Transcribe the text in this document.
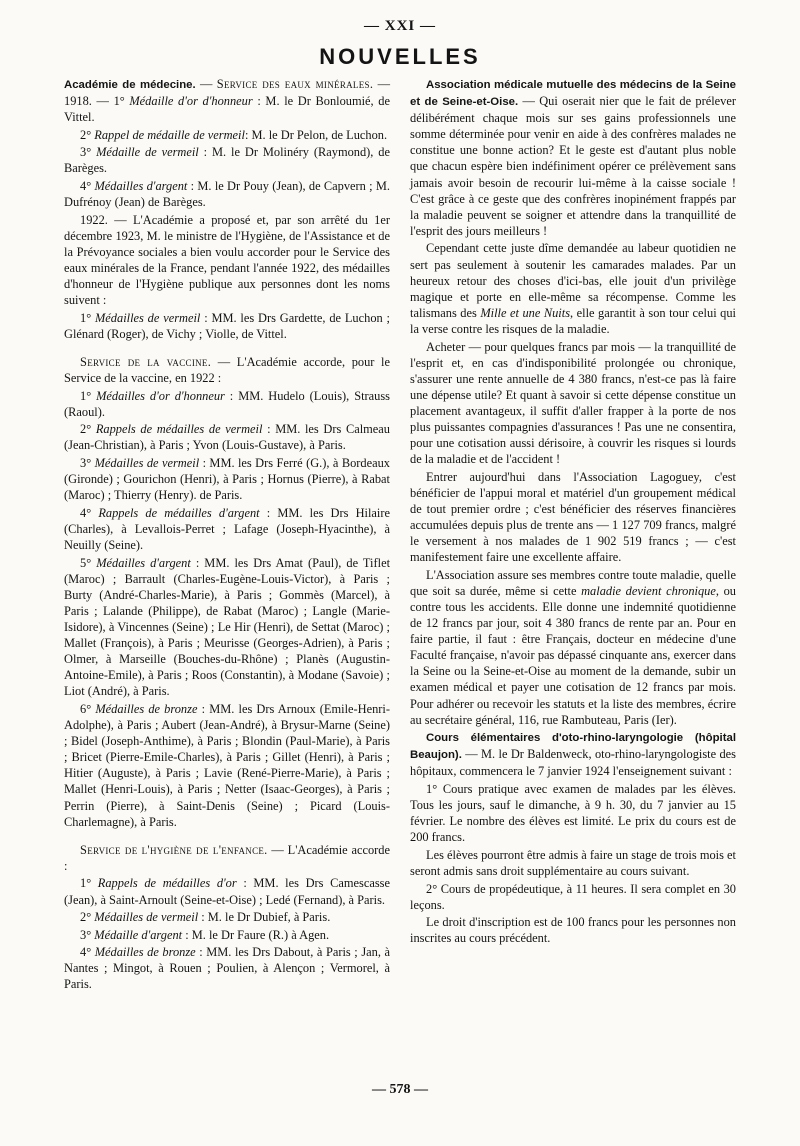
— XXI —
NOUVELLES

Académie de médecine. — Service des eaux minérales. — 1918. — 1° Médaille d'or d'honneur : M. le Dr Bonloumié, de Vittel.

2° Rappel de médaille de vermeil: M. le Dr Pelon, de Luchon.

3° Médaille de vermeil : M. le Dr Molinéry (Raymond), de Barèges.

4° Médailles d'argent : M. le Dr Pouy (Jean), de Capvern ; M. Dufrénoy (Jean) de Barèges.

1922. — L'Académie a proposé et, par son arrêté du 1er décembre 1923, M. le ministre de l'Hygiène, de l'Assistance et de la Prévoyance sociales a bien voulu accorder pour le Service des eaux minérales de la France, pendant l'année 1922, des médailles d'honneur de l'Hygiène publique aux personnes dont les noms suivent :

1° Médailles de vermeil : MM. les Drs Gardette, de Luchon ; Glénard (Roger), de Vichy ; Violle, de Vittel.

Service de la vaccine. — L'Académie accorde, pour le Service de la vaccine, en 1922 :

1° Médailles d'or d'honneur : MM. Hudelo (Louis), Strauss (Raoul).

2° Rappels de médailles de vermeil : MM. les Drs Calmeau (Jean-Christian), à Paris ; Yvon (Louis-Gustave), à Paris.

3° Médailles de vermeil : MM. les Drs Ferré (G.), à Bordeaux (Gironde) ; Gourichon (Henri), à Paris ; Hornus (Pierre), à Rabat (Maroc) ; Thierry (Henry). de Paris.

4° Rappels de médailles d'argent : MM. les Drs Hilaire (Charles), à Levallois-Perret ; Lafage (Joseph-Hyacinthe), à Neuilly (Seine).

5° Médailles d'argent : MM. les Drs Amat (Paul), de Tiflet (Maroc) ; Barrault (Charles-Eugène-Louis-Victor), à Paris ; Burty (André-Charles-Marie), à Paris ; Gommès (Marcel), à Paris ; Lalande (Philippe), de Rabat (Maroc) ; Langle (Marie-Isidore), à Vincennes (Seine) ; Le Hir (Henri), de Settat (Maroc) ; Mallet (François), à Paris ; Meurisse (Georges-Adrien), à Paris ; Olmer, à Marseille (Bouches-du-Rhône) ; Planès (Augustin-Antoine-Emile), à Paris ; Roos (Constantin), à Modane (Savoie) ; Liot (André), à Paris.

6° Médailles de bronze : MM. les Drs Arnoux (Emile-Henri-Adolphe), à Paris ; Aubert (Jean-André), à Brysur-Marne (Seine) ; Bidel (Joseph-Anthime), à Paris ; Blondin (Paul-Marie), à Paris ; Bricet (Pierre-Emile-Charles), à Paris ; Gillet (Henri), à Paris ; Hitier (Auguste), à Paris ; Lavie (René-Pierre-Marie), à Paris ; Mallet (Henri-Louis), à Paris ; Netter (Isaac-Georges), à Paris ; Perrin (Pierre), à Saint-Denis (Seine) ; Picard (Louis-Charlemagne), à Paris.

Service de l'hygiène de l'enfance. — L'Académie accorde :

1° Rappels de médailles d'or : MM. les Drs Camescasse (Jean), à Saint-Arnoult (Seine-et-Oise) ; Ledé (Fernand), à Paris.

2° Médailles de vermeil : M. le Dr Dubief, à Paris.

3° Médaille d'argent : M. le Dr Faure (R.) à Agen.

4° Médailles de bronze : MM. les Drs Dabout, à Paris ; Jan, à Nantes ; Mingot, à Rouen ; Poulien, à Alençon ; Vermorel, à Paris.

Association médicale mutuelle des médecins de la Seine et de Seine-et-Oise. — Qui oserait nier que le fait de prélever délibérément chaque mois sur ses gains professionnels une somme déterminée pour venir en aide à des confrères malades ne constitue une bonne action? Et le geste est d'autant plus noble que chacun espère bien indéfiniment opérer ce prélèvement sans jamais avoir besoin de recourir lui-même à la caisse sociale ! C'est grâce à ce geste que des confrères inopinément frappés par la maladie peuvent se soigner et attendre dans la tranquillité de l'esprit des jours meilleurs !

Cependant cette juste dîme demandée au labeur quotidien ne sert pas seulement à soutenir les camarades malades. Par un heureux retour des choses d'ici-bas, elle jouit d'un privilège magique et porte en elle-même sa récompense. Comme les talismans des Mille et une Nuits, elle garantit à son tour celui qui la verse contre les risques de la maladie.

Acheter — pour quelques francs par mois — la tranquillité de l'esprit et, en cas d'indisponibilité prolongée ou chronique, s'assurer une rente annuelle de 4 380 francs, n'est-ce pas là faire une dépense utile? Et quant à savoir si cette dépense constitue un placement avantageux, il suffit d'aller frapper à la porte de nos plus puissantes compagnies d'assurances ! Pas une ne consentira, pour une cotisation aussi dérisoire, à couvrir les risques si lourds de la maladie et de l'accident !

Entrer aujourd'hui dans l'Association Lagoguey, c'est bénéficier de l'appui moral et matériel d'un groupement médical de tout premier ordre ; c'est bénéficier des réserves financières accumulées depuis plus de trente ans — 1 127 709 francs, malgré le versement à nos malades de 1 902 519 francs ; — c'est manifestement faire une excellente affaire.

L'Association assure ses membres contre toute maladie, quelle que soit sa durée, même si cette maladie devient chronique, ou contre tous les accidents. Elle donne une indemnité quotidienne de 12 francs par jour, soit 4 380 francs de rente par an. Pour en faire partie, il faut : être Français, docteur en médecine d'une Faculté française, n'avoir pas dépassé cinquante ans, exercer dans la Seine ou la Seine-et-Oise au moment de la demande, subir un examen médical et payer une cotisation de 12 francs par mois. Pour adhérer ou recevoir les statuts et la liste des membres, écrire au secrétaire général, 116, rue Rambuteau, Paris (Ier).

Cours élémentaires d'oto-rhino-laryngologie (hôpital Beaujon). — M. le Dr Baldenweck, oto-rhino-laryngologiste des hôpitaux, commencera le 7 janvier 1924 l'enseignement suivant :

1° Cours pratique avec examen de malades par les élèves. Tous les jours, sauf le dimanche, à 9 h. 30, du 7 janvier au 15 février. Le nombre des élèves est limité. Le prix du cours est de 200 francs.

Les élèves pourront être admis à faire un stage de trois mois et seront admis sans droit supplémentaire au cours suivant.

2° Cours de propédeutique, à 11 heures. Il sera complet en 30 leçons.

Le droit d'inscription est de 100 francs pour les personnes non inscrites au cours précédent.

— 578 —
